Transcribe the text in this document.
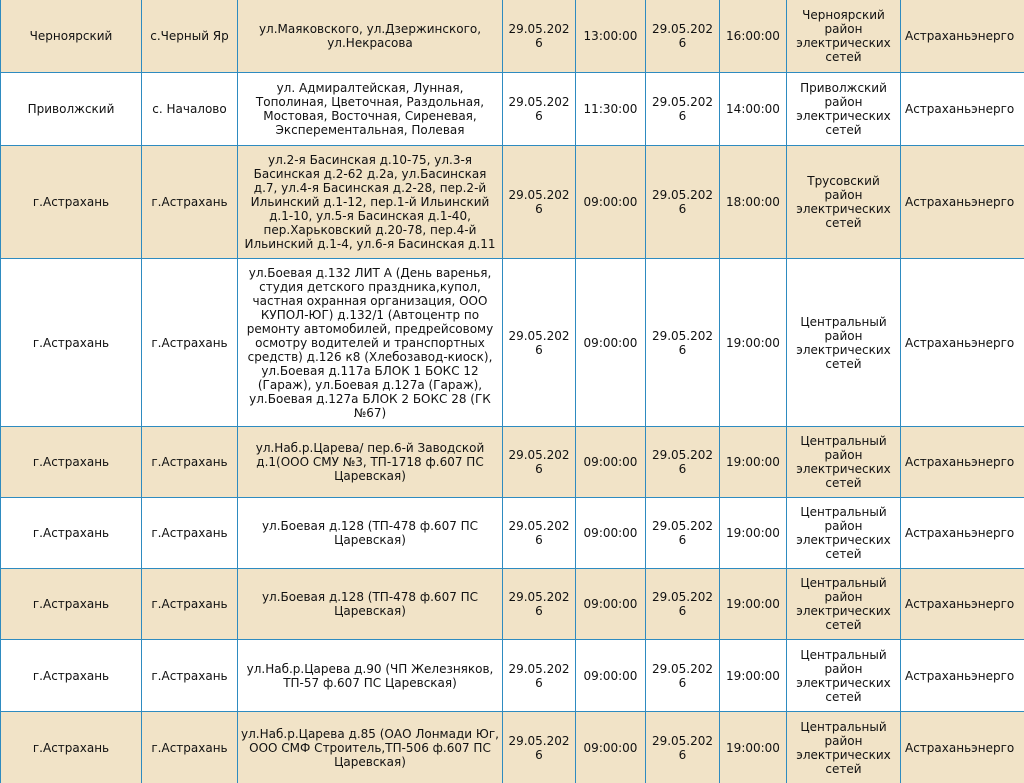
Черноярский	с.Черный Яр	ул.Маяковского, ул.Дзержинского, ул.Некрасова	29.05.2026	13:00:00	29.05.2026	16:00:00	Черноярский район электрических сетей	Астраханьэнерго
Приволжский	с. Началово	ул. Адмиралтейская, Лунная, Тополиная, Цветочная, Раздольная, Мостовая, Восточная, Сиреневая, Эксперементальная, Полевая	29.05.2026	11:30:00	29.05.2026	14:00:00	Приволжский район электрических сетей	Астраханьэнерго
г.Астрахань	г.Астрахань	ул.2-я Басинская д.10-75, ул.3-я Басинская д.2-62 д.2а, ул.Басинская д.7, ул.4-я Басинская д.2-28, пер.2-й Ильинский д.1-12, пер.1-й Ильинский д.1-10, ул.5-я Басинская д.1-40, пер.Харьковский д.20-78, пер.4-й Ильинский д.1-4, ул.6-я Басинская д.11	29.05.2026	09:00:00	29.05.2026	18:00:00	Трусовский район электрических сетей	Астраханьэнерго
г.Астрахань	г.Астрахань	ул.Боевая д.132 ЛИТ А (День варенья, студия детского праздника,купол, частная охранная организация, ООО КУПОЛ-ЮГ) д.132/1 (Автоцентр по ремонту автомобилей, предрейсовому осмотру водителей и транспортных средств) д.126 к8 (Хлебозавод-киоск), ул.Боевая д.117а БЛОК 1 БОКС 12 (Гараж), ул.Боевая д.127а (Гараж), ул.Боевая д.127а БЛОК 2 БОКС 28 (ГК №67)	29.05.2026	09:00:00	29.05.2026	19:00:00	Центральный район электрических сетей	Астраханьэнерго
г.Астрахань	г.Астрахань	ул.Наб.р.Царева/ пер.6-й Заводской д.1(ООО СМУ №3, ТП-1718 ф.607 ПС Царевская)	29.05.2026	09:00:00	29.05.2026	19:00:00	Центральный район электрических сетей	Астраханьэнерго
г.Астрахань	г.Астрахань	ул.Боевая д.128 (ТП-478 ф.607 ПС Царевская)	29.05.2026	09:00:00	29.05.2026	19:00:00	Центральный район электрических сетей	Астраханьэнерго
г.Астрахань	г.Астрахань	ул.Боевая д.128 (ТП-478 ф.607 ПС Царевская)	29.05.2026	09:00:00	29.05.2026	19:00:00	Центральный район электрических сетей	Астраханьэнерго
г.Астрахань	г.Астрахань	ул.Наб.р.Царева д.90 (ЧП Железняков, ТП-57 ф.607 ПС Царевская)	29.05.2026	09:00:00	29.05.2026	19:00:00	Центральный район электрических сетей	Астраханьэнерго
г.Астрахань	г.Астрахань	ул.Наб.р.Царева д.85 (ОАО Лонмади Юг, ООО СМФ Строитель,ТП-506 ф.607 ПС Царевская)	29.05.2026	09:00:00	29.05.2026	19:00:00	Центральный район электрических сетей	Астраханьэнерго
